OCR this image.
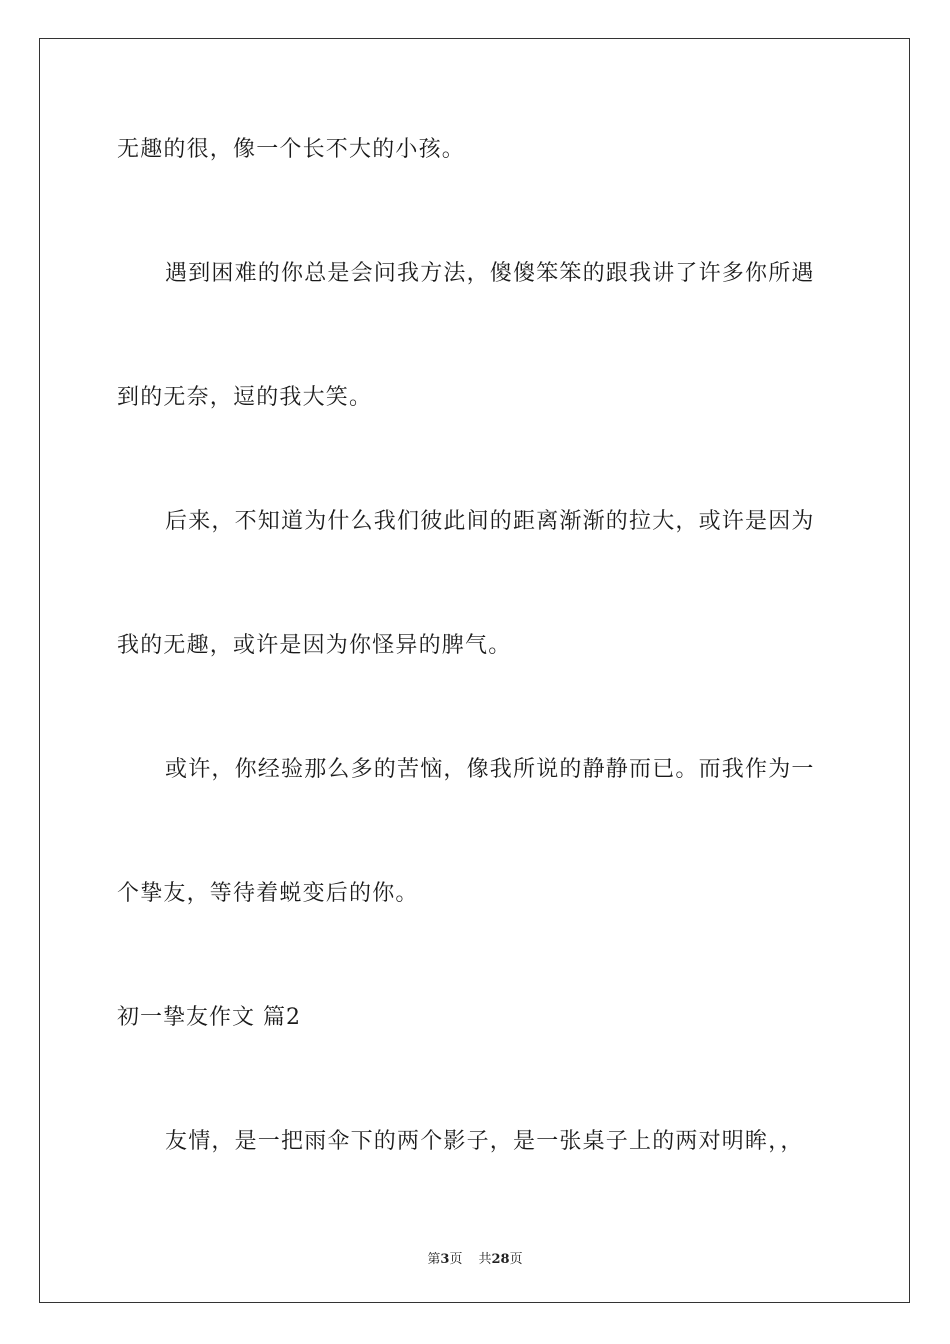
无趣的很，像一个长不大的小孩。
遇到困难的你总是会问我方法，傻傻笨笨的跟我讲了许多你所遇
到的无奈，逗的我大笑。
后来，不知道为什么我们彼此间的距离渐渐的拉大，或许是因为
我的无趣，或许是因为你怪异的脾气。
或许，你经验那么多的苦恼，像我所说的静静而已。而我作为一
个挚友，等待着蜕变后的你。
初一挚友作文 篇2
友情，是一把雨伞下的两个影子，是一张桌子上的两对明眸，，
第3页 共28页
